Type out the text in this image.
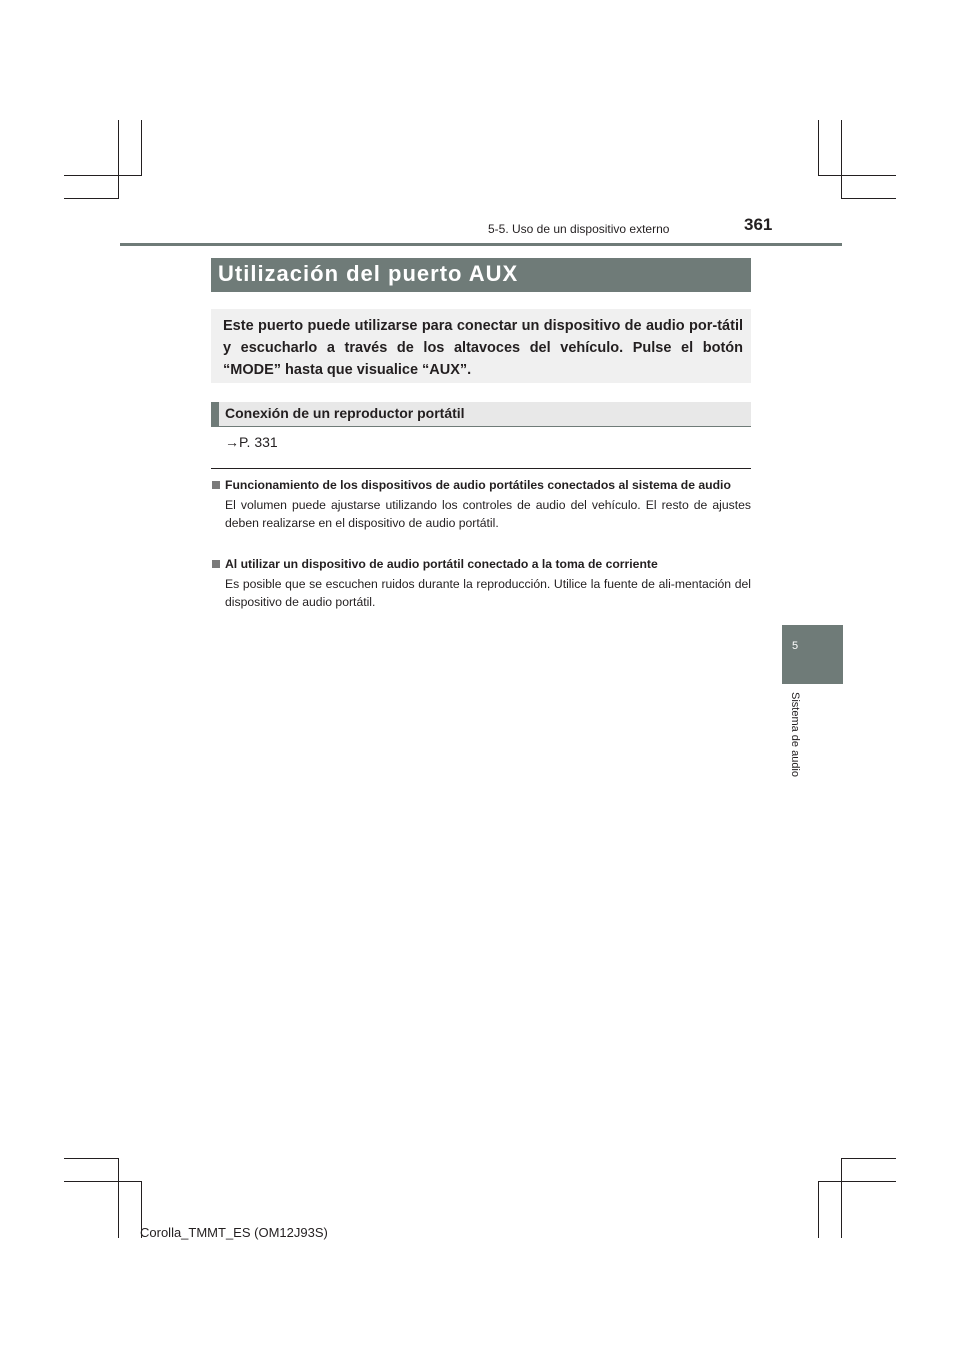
5-5. Uso de un dispositivo externo	361
5
Sistema de audio
Utilización del puerto AUX
Este puerto puede utilizarse para conectar un dispositivo de audio por-tátil y escucharlo a través de los altavoces del vehículo. Pulse el botón “MODE” hasta que visualice “AUX”.
Conexión de un reproductor portátil
→P. 331
Funcionamiento de los dispositivos de audio portátiles conectados al sistema de audio
El volumen puede ajustarse utilizando los controles de audio del vehículo. El resto de ajustes deben realizarse en el dispositivo de audio portátil.
Al utilizar un dispositivo de audio portátil conectado a la toma de corriente
Es posible que se escuchen ruidos durante la reproducción. Utilice la fuente de ali-mentación del dispositivo de audio portátil.
Corolla_TMMT_ES (OM12J93S)
